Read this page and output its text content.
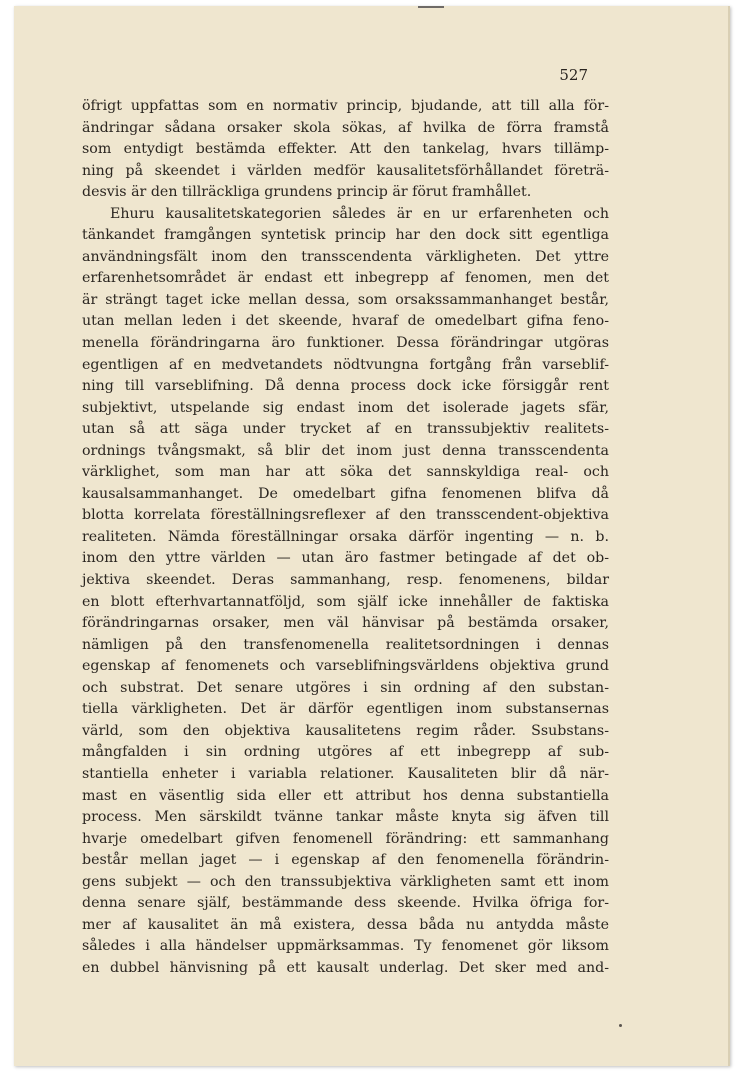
527
öfrigt uppfattas som en normativ princip, bjudande, att till alla för-
ändringar sådana orsaker skola sökas, af hvilka de förra framstå
som entydigt bestämda effekter. Att den tankelag, hvars tillämp-
ning på skeendet i världen medför kausalitetsförhållandet företrä-
desvis är den tillräckliga grundens princip är förut framhållet.
Ehuru kausalitetskategorien således är en ur erfarenheten och
tänkandet framgången syntetisk princip har den dock sitt egentliga
användningsfält inom den transscendenta värkligheten. Det yttre
erfarenhetsområdet är endast ett inbegrepp af fenomen, men det
är strängt taget icke mellan dessa, som orsakssammanhanget består,
utan mellan leden i det skeende, hvaraf de omedelbart gifna feno-
menella förändringarna äro funktioner. Dessa förändringar utgöras
egentligen af en medvetandets nödtvungna fortgång från varseblif-
ning till varseblifning. Då denna process dock icke försiggår rent
subjektivt, utspelande sig endast inom det isolerade jagets sfär,
utan så att säga under trycket af en transsubjektiv realitets-
ordnings tvångsmakt, så blir det inom just denna transscendenta
värklighet, som man har att söka det sannskyldiga real- och
kausalsammanhanget. De omedelbart gifna fenomenen blifva då
blotta korrelata föreställningsreflexer af den transscendent-objektiva
realiteten. Nämda föreställningar orsaka därför ingenting — n. b.
inom den yttre världen — utan äro fastmer betingade af det ob-
jektiva skeendet. Deras sammanhang, resp. fenomenens, bildar
en blott efterhvartannatföljd, som själf icke innehåller de faktiska
förändringarnas orsaker, men väl hänvisar på bestämda orsaker,
nämligen på den transfenomenella realitetsordningen i dennas
egenskap af fenomenets och varseblifningsvärldens objektiva grund
och substrat. Det senare utgöres i sin ordning af den substan-
tiella värkligheten. Det är därför egentligen inom substansernas
värld, som den objektiva kausalitetens regim råder. Ssubstans-
mångfalden i sin ordning utgöres af ett inbegrepp af sub-
stantiella enheter i variabla relationer. Kausaliteten blir då när-
mast en väsentlig sida eller ett attribut hos denna substantiella
process. Men särskildt tvänne tankar måste knyta sig äfven till
hvarje omedelbart gifven fenomenell förändring: ett sammanhang
består mellan jaget — i egenskap af den fenomenella förändrin-
gens subjekt — och den transsubjektiva värkligheten samt ett inom
denna senare själf, bestämmande dess skeende. Hvilka öfriga for-
mer af kausalitet än må existera, dessa båda nu antydda måste
således i alla händelser uppmärksammas. Ty fenomenet gör liksom
en dubbel hänvisning på ett kausalt underlag. Det sker med and-
